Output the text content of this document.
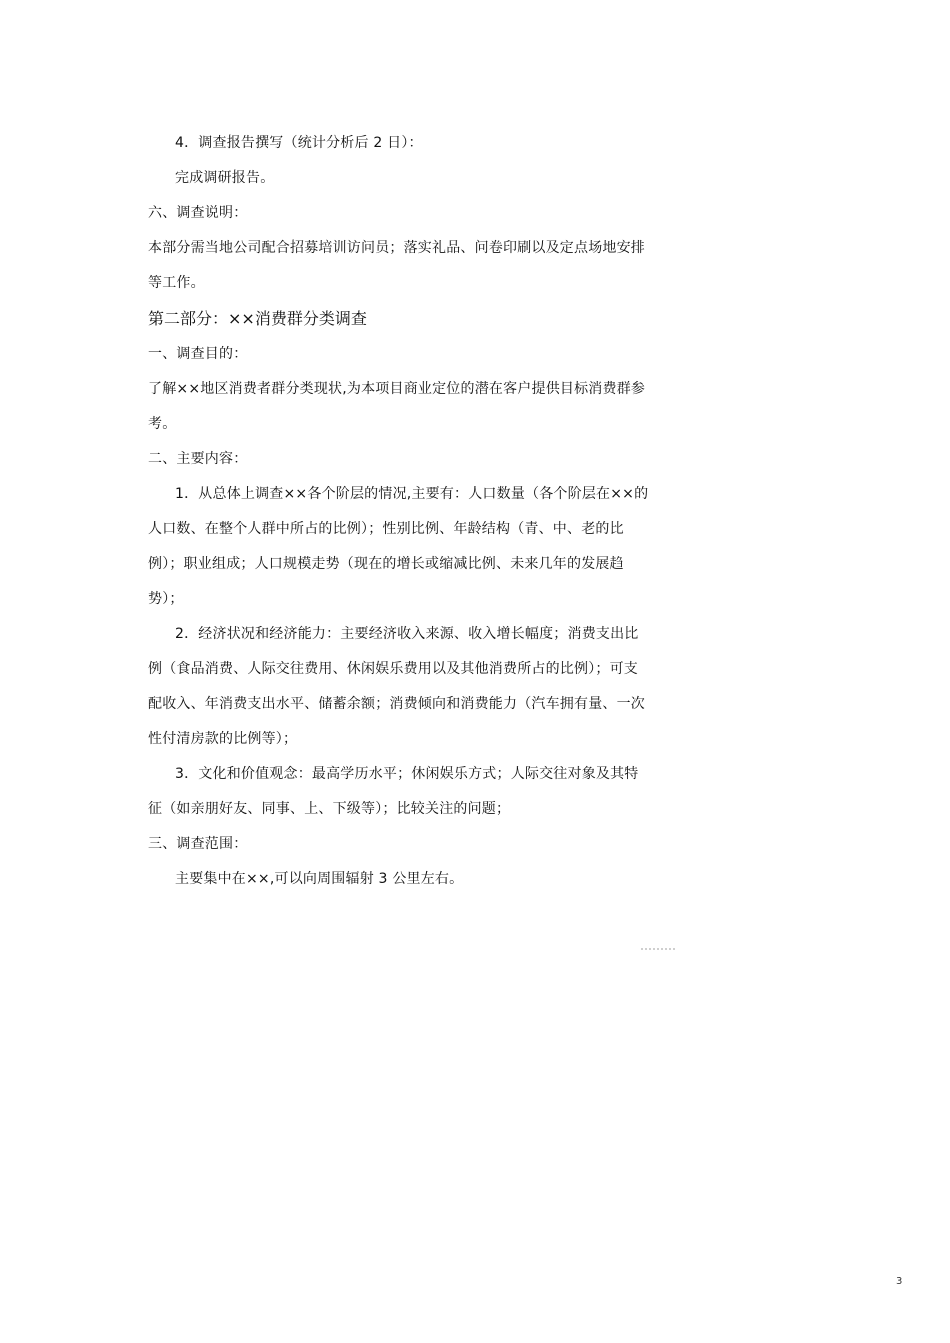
4．调查报告撰写（统计分析后 2 日）：
完成调研报告。
六、调查说明：
本部分需当地公司配合招募培训访问员；落实礼品、问卷印刷以及定点场地安排
等工作。
第二部分：××消费群分类调查
一、调查目的：
了解××地区消费者群分类现状,为本项目商业定位的潜在客户提供目标消费群参
考。
二、主要内容：
1．从总体上调查××各个阶层的情况,主要有：人口数量（各个阶层在××的
人口数、在整个人群中所占的比例）；性别比例、年龄结构（青、中、老的比
例）；职业组成；人口规模走势（现在的增长或缩减比例、未来几年的发展趋
势）；
2．经济状况和经济能力：主要经济收入来源、收入增长幅度；消费支出比
例（食品消费、人际交往费用、休闲娱乐费用以及其他消费所占的比例）；可支
配收入、年消费支出水平、储蓄余额；消费倾向和消费能力（汽车拥有量、一次
性付清房款的比例等）；
3．文化和价值观念：最高学历水平；休闲娱乐方式；人际交往对象及其特
征（如亲朋好友、同事、上、下级等）；比较关注的问题；
三、调查范围：
主要集中在××,可以向周围辐射 3 公里左右。
3
